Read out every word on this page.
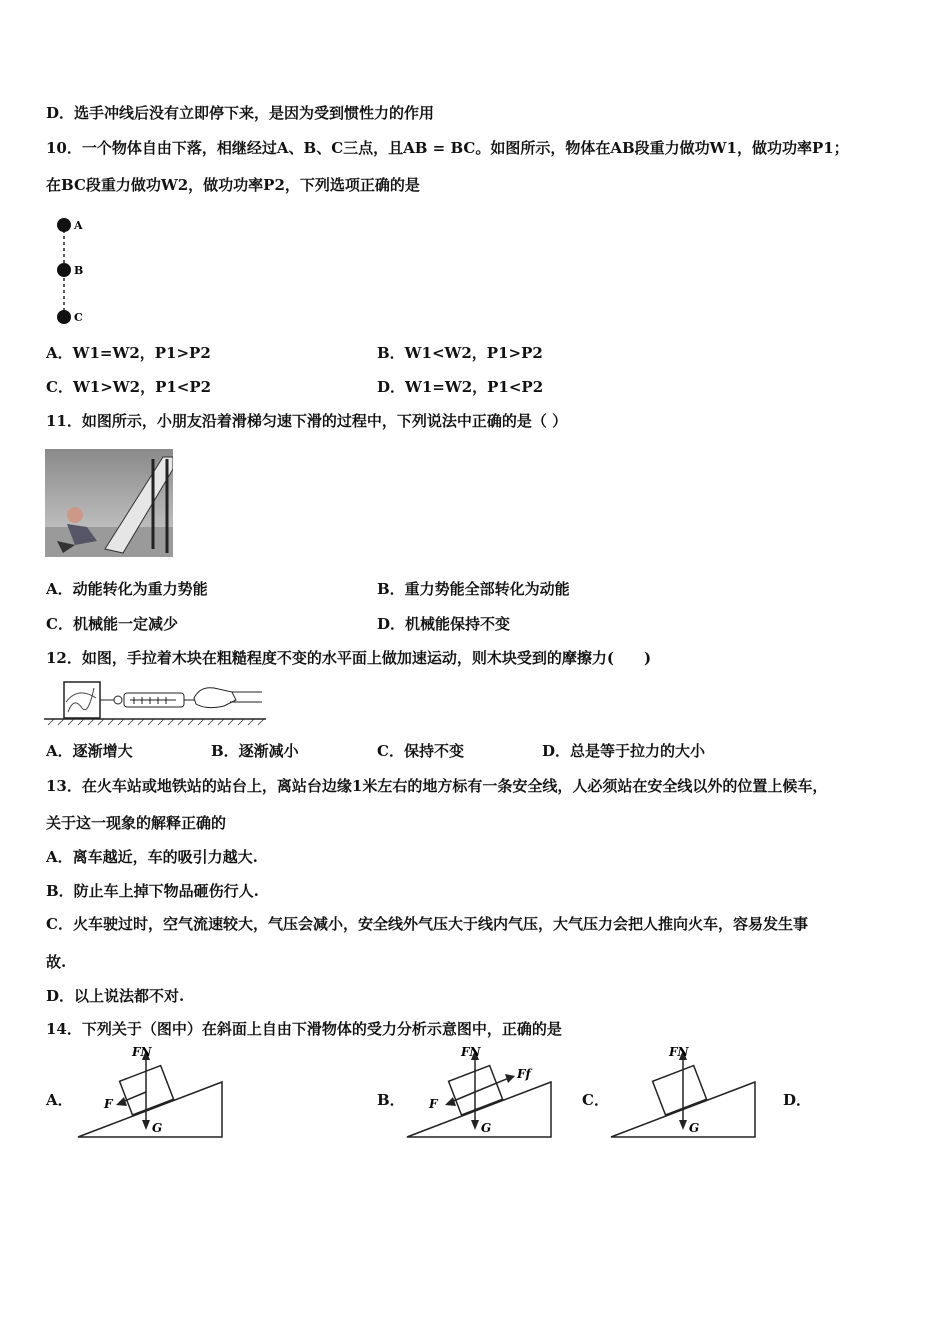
D．选手冲线后没有立即停下来，是因为受到惯性力的作用
10．一个物体自由下落，相继经过A、B、C三点，且AB = BC。如图所示，物体在AB段重力做功W1，做功功率P1；
在BC段重力做功W2，做功功率P2，下列选项正确的是
A
B
C
A．W1=W2，P1>P2	B．W1<W2，P1>P2
C．W1>W2，P1<P2	D．W1=W2，P1<P2
11．如图所示，小朋友沿着滑梯匀速下滑的过程中，下列说法中正确的是（ ）
A．动能转化为重力势能	B．重力势能全部转化为动能
C．机械能一定减少	D．机械能保持不变
12．如图，手拉着木块在粗糙程度不变的水平面上做加速运动，则木块受到的摩擦力(　　)
A．逐渐增大	B．逐渐减小	C．保持不变	D．总是等于拉力的大小
13．在火车站或地铁站的站台上，离站台边缘1米左右的地方标有一条安全线，人必须站在安全线以外的位置上候车，
关于这一现象的解释正确的
A．离车越近，车的吸引力越大.
B．防止车上掉下物品砸伤行人.
C．火车驶过时，空气流速较大，气压会减小，安全线外气压大于线内气压，大气压力会把人推向火车，容易发生事
故.
D．以上说法都不对.
14．下列关于（图中）在斜面上自由下滑物体的受力分析示意图中，正确的是
A．
FN
F
G
B．
FN
F
Ff
G
C．
FN
G
D．
